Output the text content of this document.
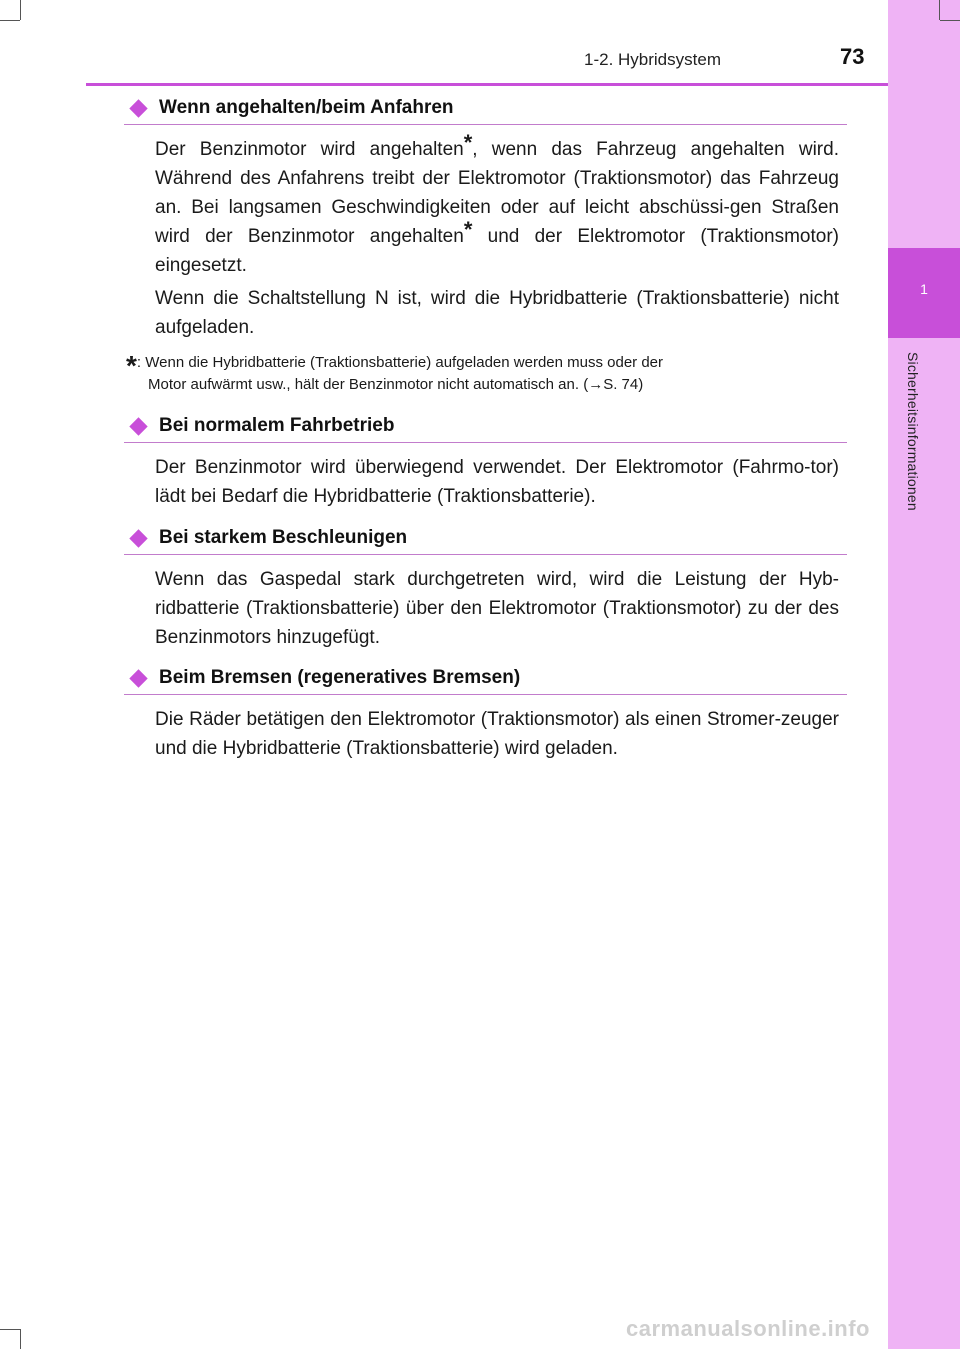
1
Sicherheitsinformationen
1-2. Hybridsystem	73
Wenn angehalten/beim Anfahren

Der Benzinmotor wird angehalten*, wenn das Fahrzeug angehalten wird. Während des Anfahrens treibt der Elektromotor (Traktionsmotor) das Fahrzeug an. Bei langsamen Geschwindigkeiten oder auf leicht abschüssi-gen Straßen wird der Benzinmotor angehalten* und der Elektromotor (Traktionsmotor) eingesetzt.

Wenn die Schaltstellung N ist, wird die Hybridbatterie (Traktionsbatterie) nicht aufgeladen.

*: Wenn die Hybridbatterie (Traktionsbatterie) aufgeladen werden muss oder der
Motor aufwärmt usw., hält der Benzinmotor nicht automatisch an. (→S. 74)

Bei normalem Fahrbetrieb

Der Benzinmotor wird überwiegend verwendet. Der Elektromotor (Fahrmo-tor) lädt bei Bedarf die Hybridbatterie (Traktionsbatterie).

Bei starkem Beschleunigen

Wenn das Gaspedal stark durchgetreten wird, wird die Leistung der Hyb-ridbatterie (Traktionsbatterie) über den Elektromotor (Traktionsmotor) zu der des Benzinmotors hinzugefügt.

Beim Bremsen (regeneratives Bremsen)

Die Räder betätigen den Elektromotor (Traktionsmotor) als einen Stromer-zeuger und die Hybridbatterie (Traktionsbatterie) wird geladen.

carmanualsonline.info
